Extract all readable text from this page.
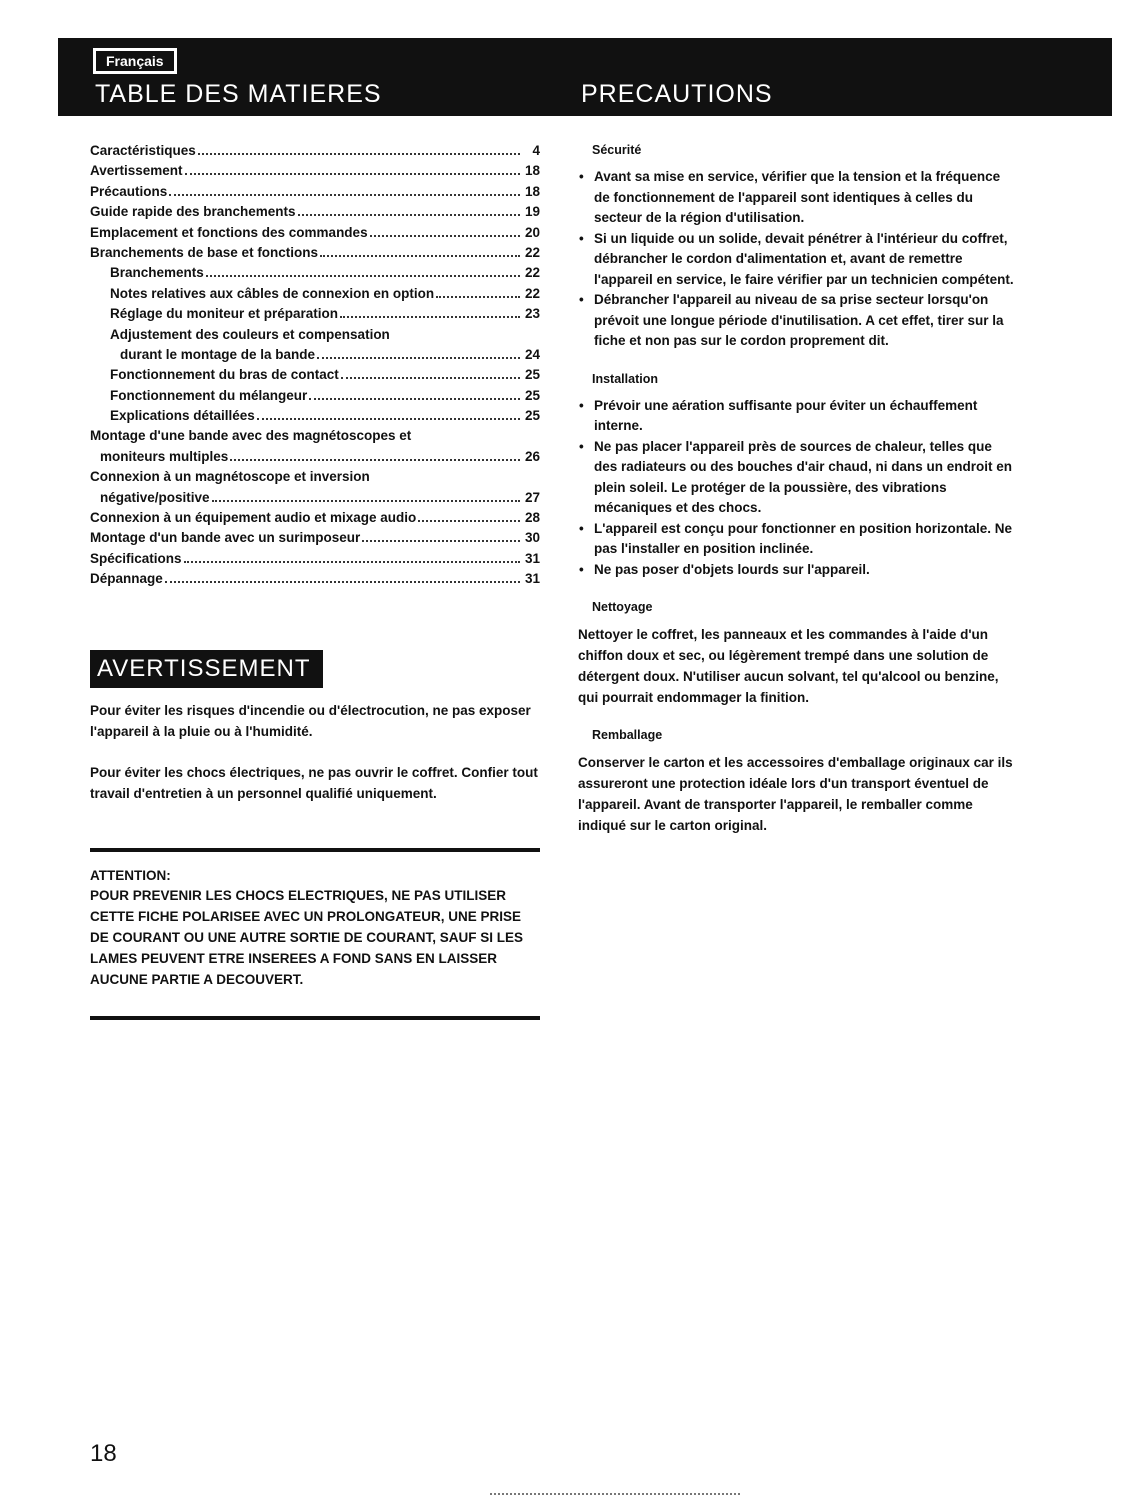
Français
TABLE DES MATIERES	PRECAUTIONS
Caractéristiques	4
Avertissement	18
Précautions	18
Guide rapide des branchements	19
Emplacement et fonctions des commandes	20
Branchements de base et fonctions	22
Branchements	22
Notes relatives aux câbles de connexion en option	22
Réglage du moniteur et préparation	23
Adjustement des couleurs et compensation
durant le montage de la bande	24
Fonctionnement du bras de contact	25
Fonctionnement du mélangeur	25
Explications détaillées	25
Montage d'une bande avec des magnétoscopes et
moniteurs multiples	26
Connexion à un magnétoscope et inversion
négative/positive	27
Connexion à un équipement audio et mixage audio	28
Montage d'un bande avec un surimposeur	30
Spécifications	31
Dépannage	31
AVERTISSEMENT

Pour éviter les risques d'incendie ou d'électrocution, ne pas exposer l'appareil à la pluie ou à l'humidité.

Pour éviter les chocs électriques, ne pas ouvrir le coffret. Confier tout travail d'entretien à un personnel qualifié uniquement.

ATTENTION:

POUR PREVENIR LES CHOCS ELECTRIQUES, NE PAS UTILISER CETTE FICHE POLARISEE AVEC UN PROLONGATEUR, UNE PRISE DE COURANT OU UNE AUTRE SORTIE DE COURANT, SAUF SI LES LAMES PEUVENT ETRE INSEREES A FOND SANS EN LAISSER AUCUNE PARTIE A DECOUVERT.

Sécurité

• Avant sa mise en service, vérifier que la tension et la fréquence de fonctionnement de l'appareil sont identiques à celles du secteur de la région d'utilisation.
• Si un liquide ou un solide, devait pénétrer à l'intérieur du coffret, débrancher le cordon d'alimentation et, avant de remettre l'appareil en service, le faire vérifier par un technicien compétent.
• Débrancher l'appareil au niveau de sa prise secteur lorsqu'on prévoit une longue période d'inutilisation. A cet effet, tirer sur la fiche et non pas sur le cordon proprement dit.

Installation

• Prévoir une aération suffisante pour éviter un échauffement interne.
• Ne pas placer l'appareil près de sources de chaleur, telles que des radiateurs ou des bouches d'air chaud, ni dans un endroit en plein soleil. Le protéger de la poussière, des vibrations mécaniques et des chocs.
• L'appareil est conçu pour fonctionner en position horizontale. Ne pas l'installer en position inclinée.
• Ne pas poser d'objets lourds sur l'appareil.

Nettoyage

Nettoyer le coffret, les panneaux et les commandes à l'aide d'un chiffon doux et sec, ou légèrement trempé dans une solution de détergent doux. N'utiliser aucun solvant, tel qu'alcool ou benzine, qui pourrait endommager la finition.

Remballage

Conserver le carton et les accessoires d'emballage originaux car ils assureront une protection idéale lors d'un transport éventuel de l'appareil. Avant de transporter l'appareil, le remballer comme indiqué sur le carton original.

18
